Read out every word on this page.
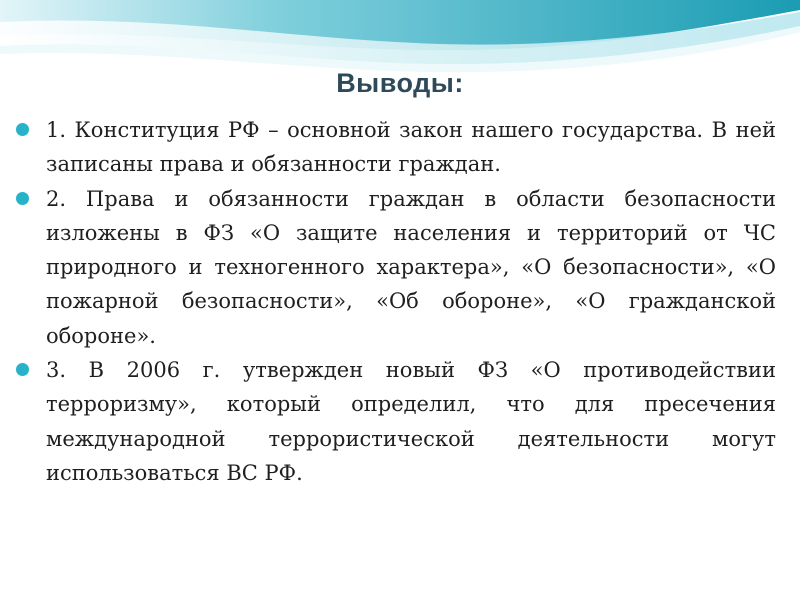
Выводы:
1. Конституция РФ – основной закон нашего государства. В ней записаны права и обязанности граждан.
2. Права и обязанности граждан в области безопасности изложены в ФЗ «О защите населения и территорий от ЧС природного и техногенного характера», «О безопасности», «О пожарной безопасности», «Об обороне», «О гражданской обороне».
3. В 2006 г. утвержден новый ФЗ «О противодействии терроризму», который определил, что для пресечения международной террористической деятельности могут использоваться ВС РФ.
